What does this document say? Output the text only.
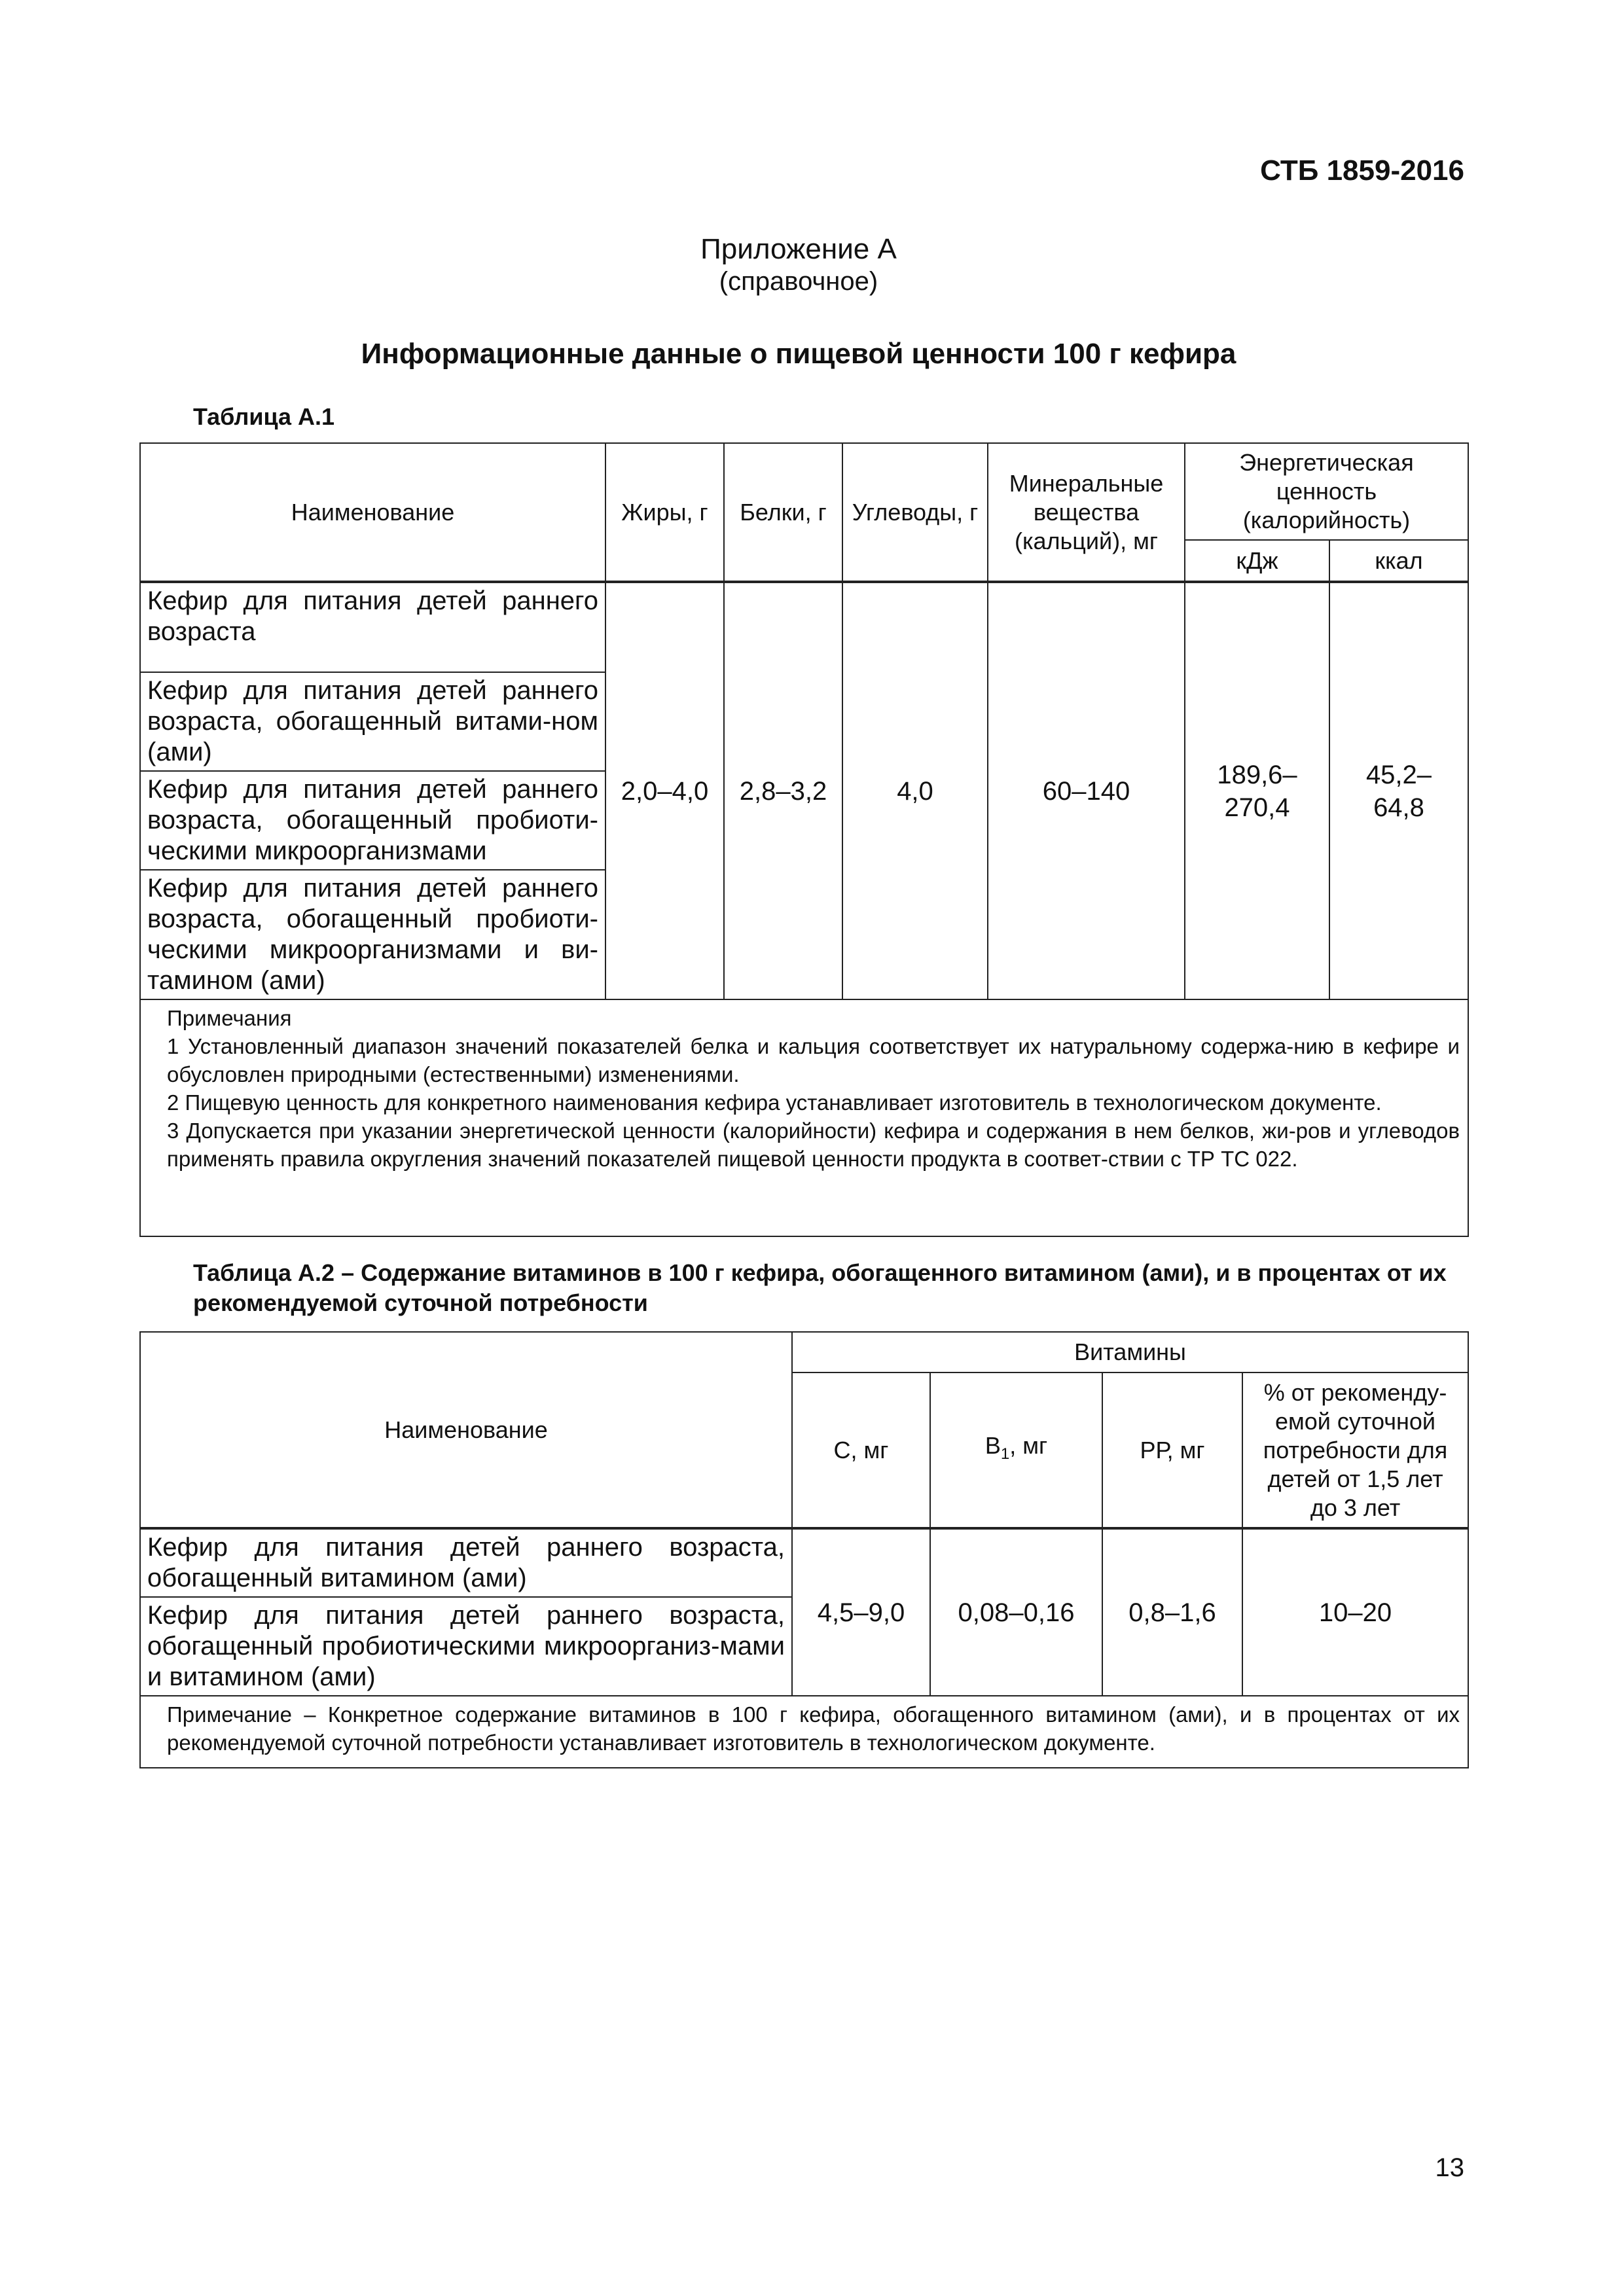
СТБ 1859-2016
Приложение А
(справочное)
Информационные данные о пищевой ценности 100 г кефира
Таблица А.1
Наименование	Жиры, г	Белки, г	Углеводы, г	Минеральные вещества (кальций), мг	Энергетическая ценность (калорийность)	
					кДж	ккал
Кефир для питания детей раннего возраста	2,0–4,0	2,8–3,2	4,0	60–140	189,6–270,4	45,2–64,8
Кефир для питания детей раннего возраста, обогащенный витами-ном (ами)						
Кефир для питания детей раннего возраста, обогащенный пробиоти-ческими микроорганизмами						
Кефир для питания детей раннего возраста, обогащенный пробиоти-ческими микроорганизмами и ви-тамином (ами)						

Примечания
1 Установленный диапазон значений показателей белка и кальция соответствует их натуральному содержа-нию в кефире и обусловлен природными (естественными) изменениями.
2 Пищевую ценность для конкретного наименования кефира устанавливает изготовитель в технологическом документе.
3 Допускается при указании энергетической ценности (калорийности) кефира и содержания в нем белков, жи-ров и углеводов применять правила округления значений показателей пищевой ценности продукта в соответ-ствии с ТР ТС 022.						
Таблица А.2 – Содержание витаминов в 100 г кефира, обогащенного витамином (ами), и в процентах от их рекомендуемой суточной потребности
Наименование	Витамины			
	С, мг	$B_1$, мг	РР, мг	% от рекоменду-емой суточной потребности для детей от 1,5 лет до 3 лет
Кефир для питания детей раннего возраста, обогащенный витамином (ами)	4,5–9,0	0,08–0,16	0,8–1,6	10–20
Кефир для питания детей раннего возраста, обогащенный пробиотическими микроорганиз-мами и витамином (ами)				
Примечание – Конкретное содержание витаминов в 100 г кефира, обогащенного витамином (ами), и в процентах от их рекомендуемой суточной потребности устанавливает изготовитель в технологическом документе.				
13
